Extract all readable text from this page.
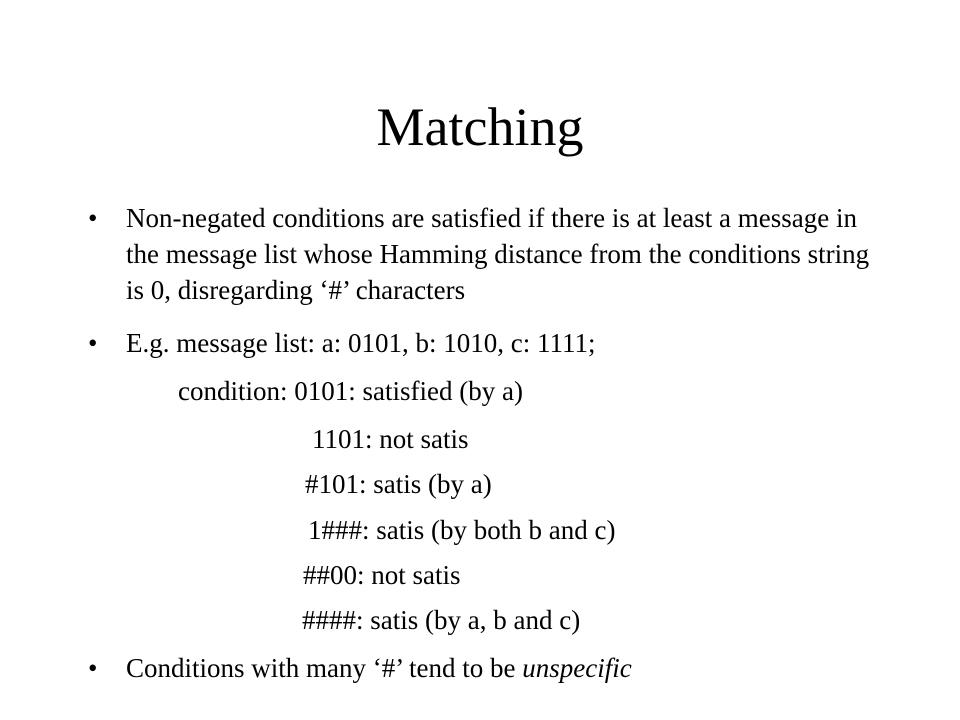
Matching
• Non-negated conditions are satisfied if there is at least a message in the message list whose Hamming distance from the conditions string is 0, disregarding ‘#’ characters
• E.g. message list: a: 0101, b: 1010, c: 1111;
condition: 0101: satisfied (by a)
1101: not satis
#101: satis (by a)
1###: satis (by both b and c)
##00: not satis
####: satis (by a, b and c)
• Conditions with many ‘#’ tend to be unspecific
